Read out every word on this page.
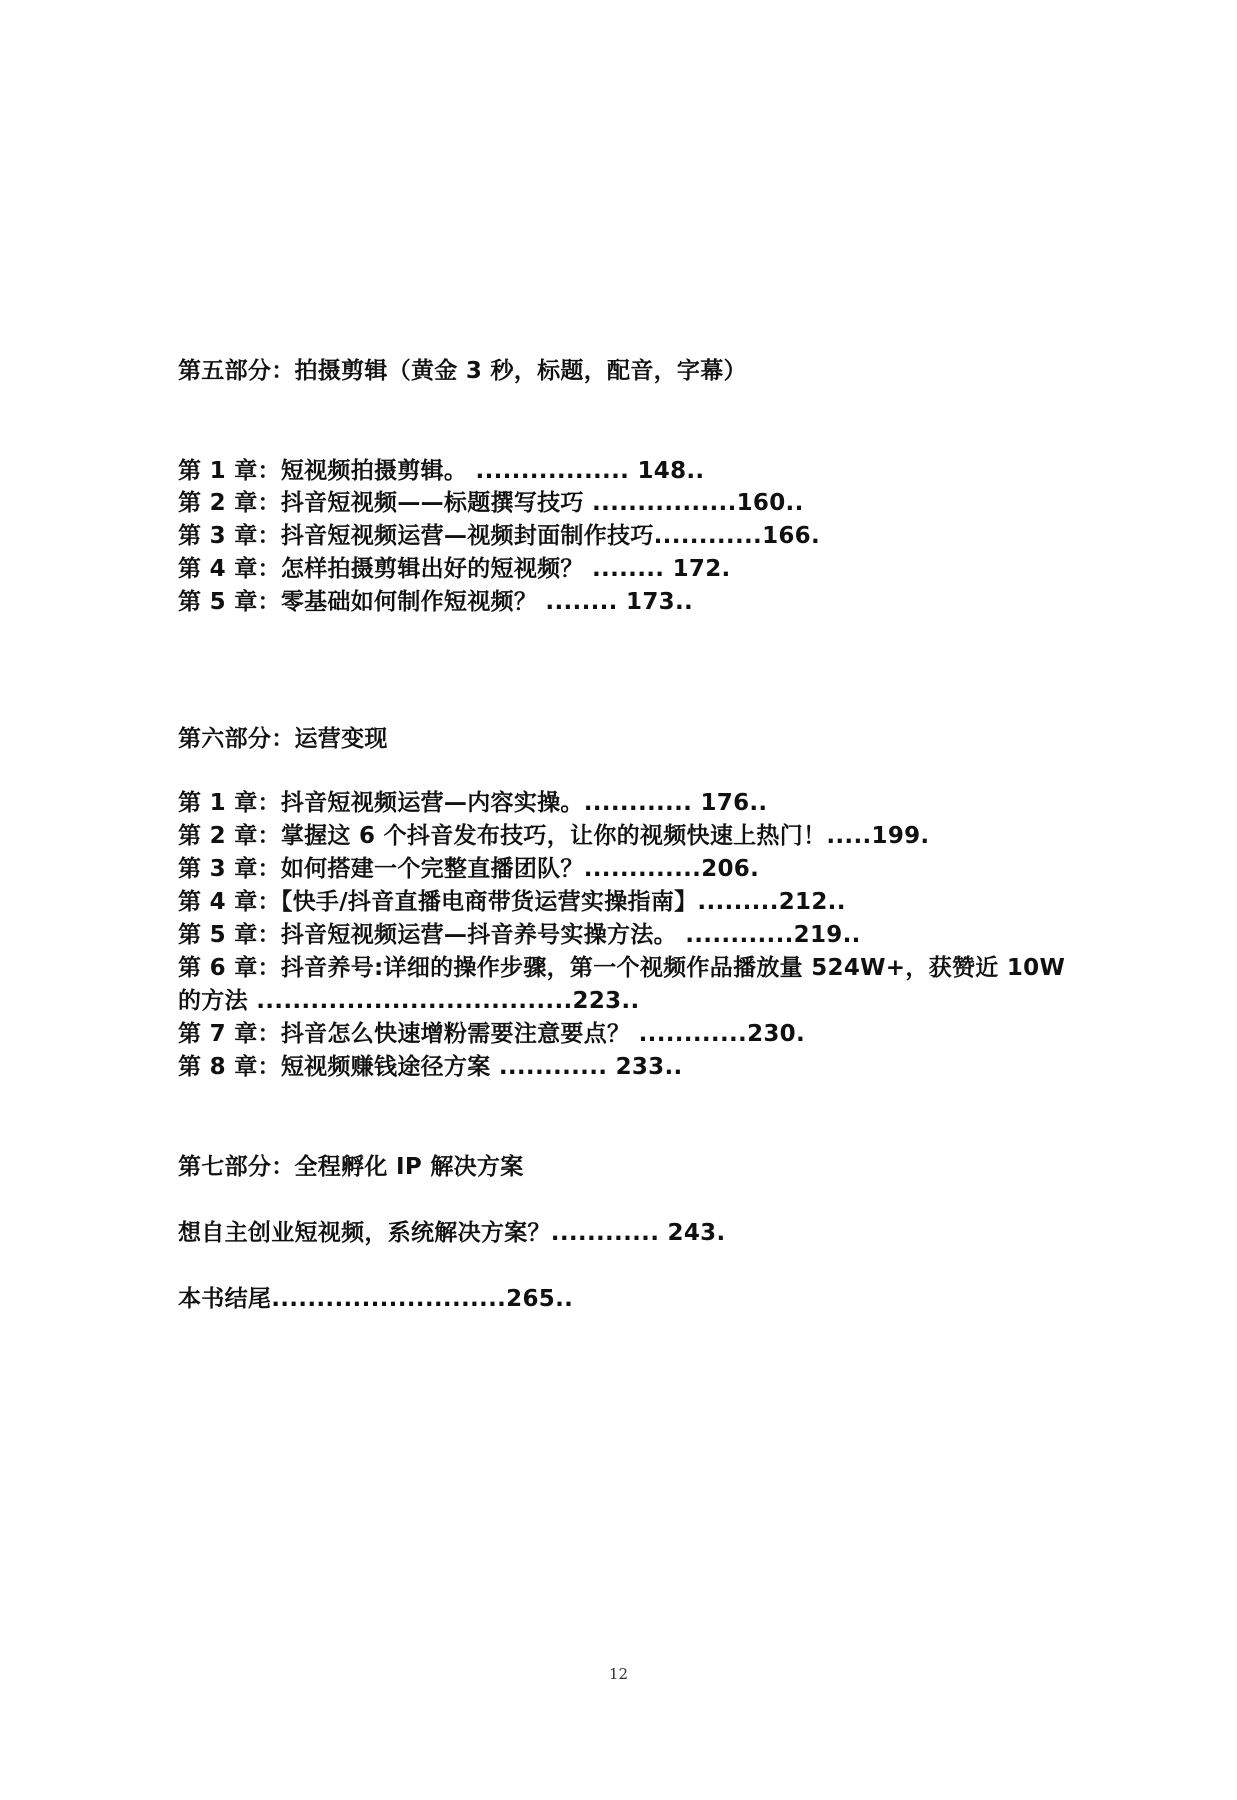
第五部分：拍摄剪辑（黄金 3 秒，标题，配音，字幕）
第 1 章：短视频拍摄剪辑。 ................. 148..
第 2 章：抖音短视频——标题撰写技巧 ................160..
第 3 章：抖音短视频运营—视频封面制作技巧............166.
第 4 章：怎样拍摄剪辑出好的短视频？ ........ 172.
第 5 章：零基础如何制作短视频？ ........ 173..
第六部分：运营变现
第 1 章：抖音短视频运营—内容实操。............ 176..
第 2 章：掌握这 6 个抖音发布技巧，让你的视频快速上热门！.....199.
第 3 章：如何搭建一个完整直播团队？.............206.
第 4 章：【快手/抖音直播电商带货运营实操指南】.........212..
第 5 章：抖音短视频运营—抖音养号实操方法。 ............219..
第 6 章：抖音养号:详细的操作步骤，第一个视频作品播放量 524W+，获赞近 10W
的方法 ...................................223..
第 7 章：抖音怎么快速增粉需要注意要点？ ............230.
第 8 章：短视频赚钱途径方案 ............ 233..
第七部分：全程孵化 IP 解决方案
想自主创业短视频，系统解决方案？............ 243.
本书结尾..........................265..
12
